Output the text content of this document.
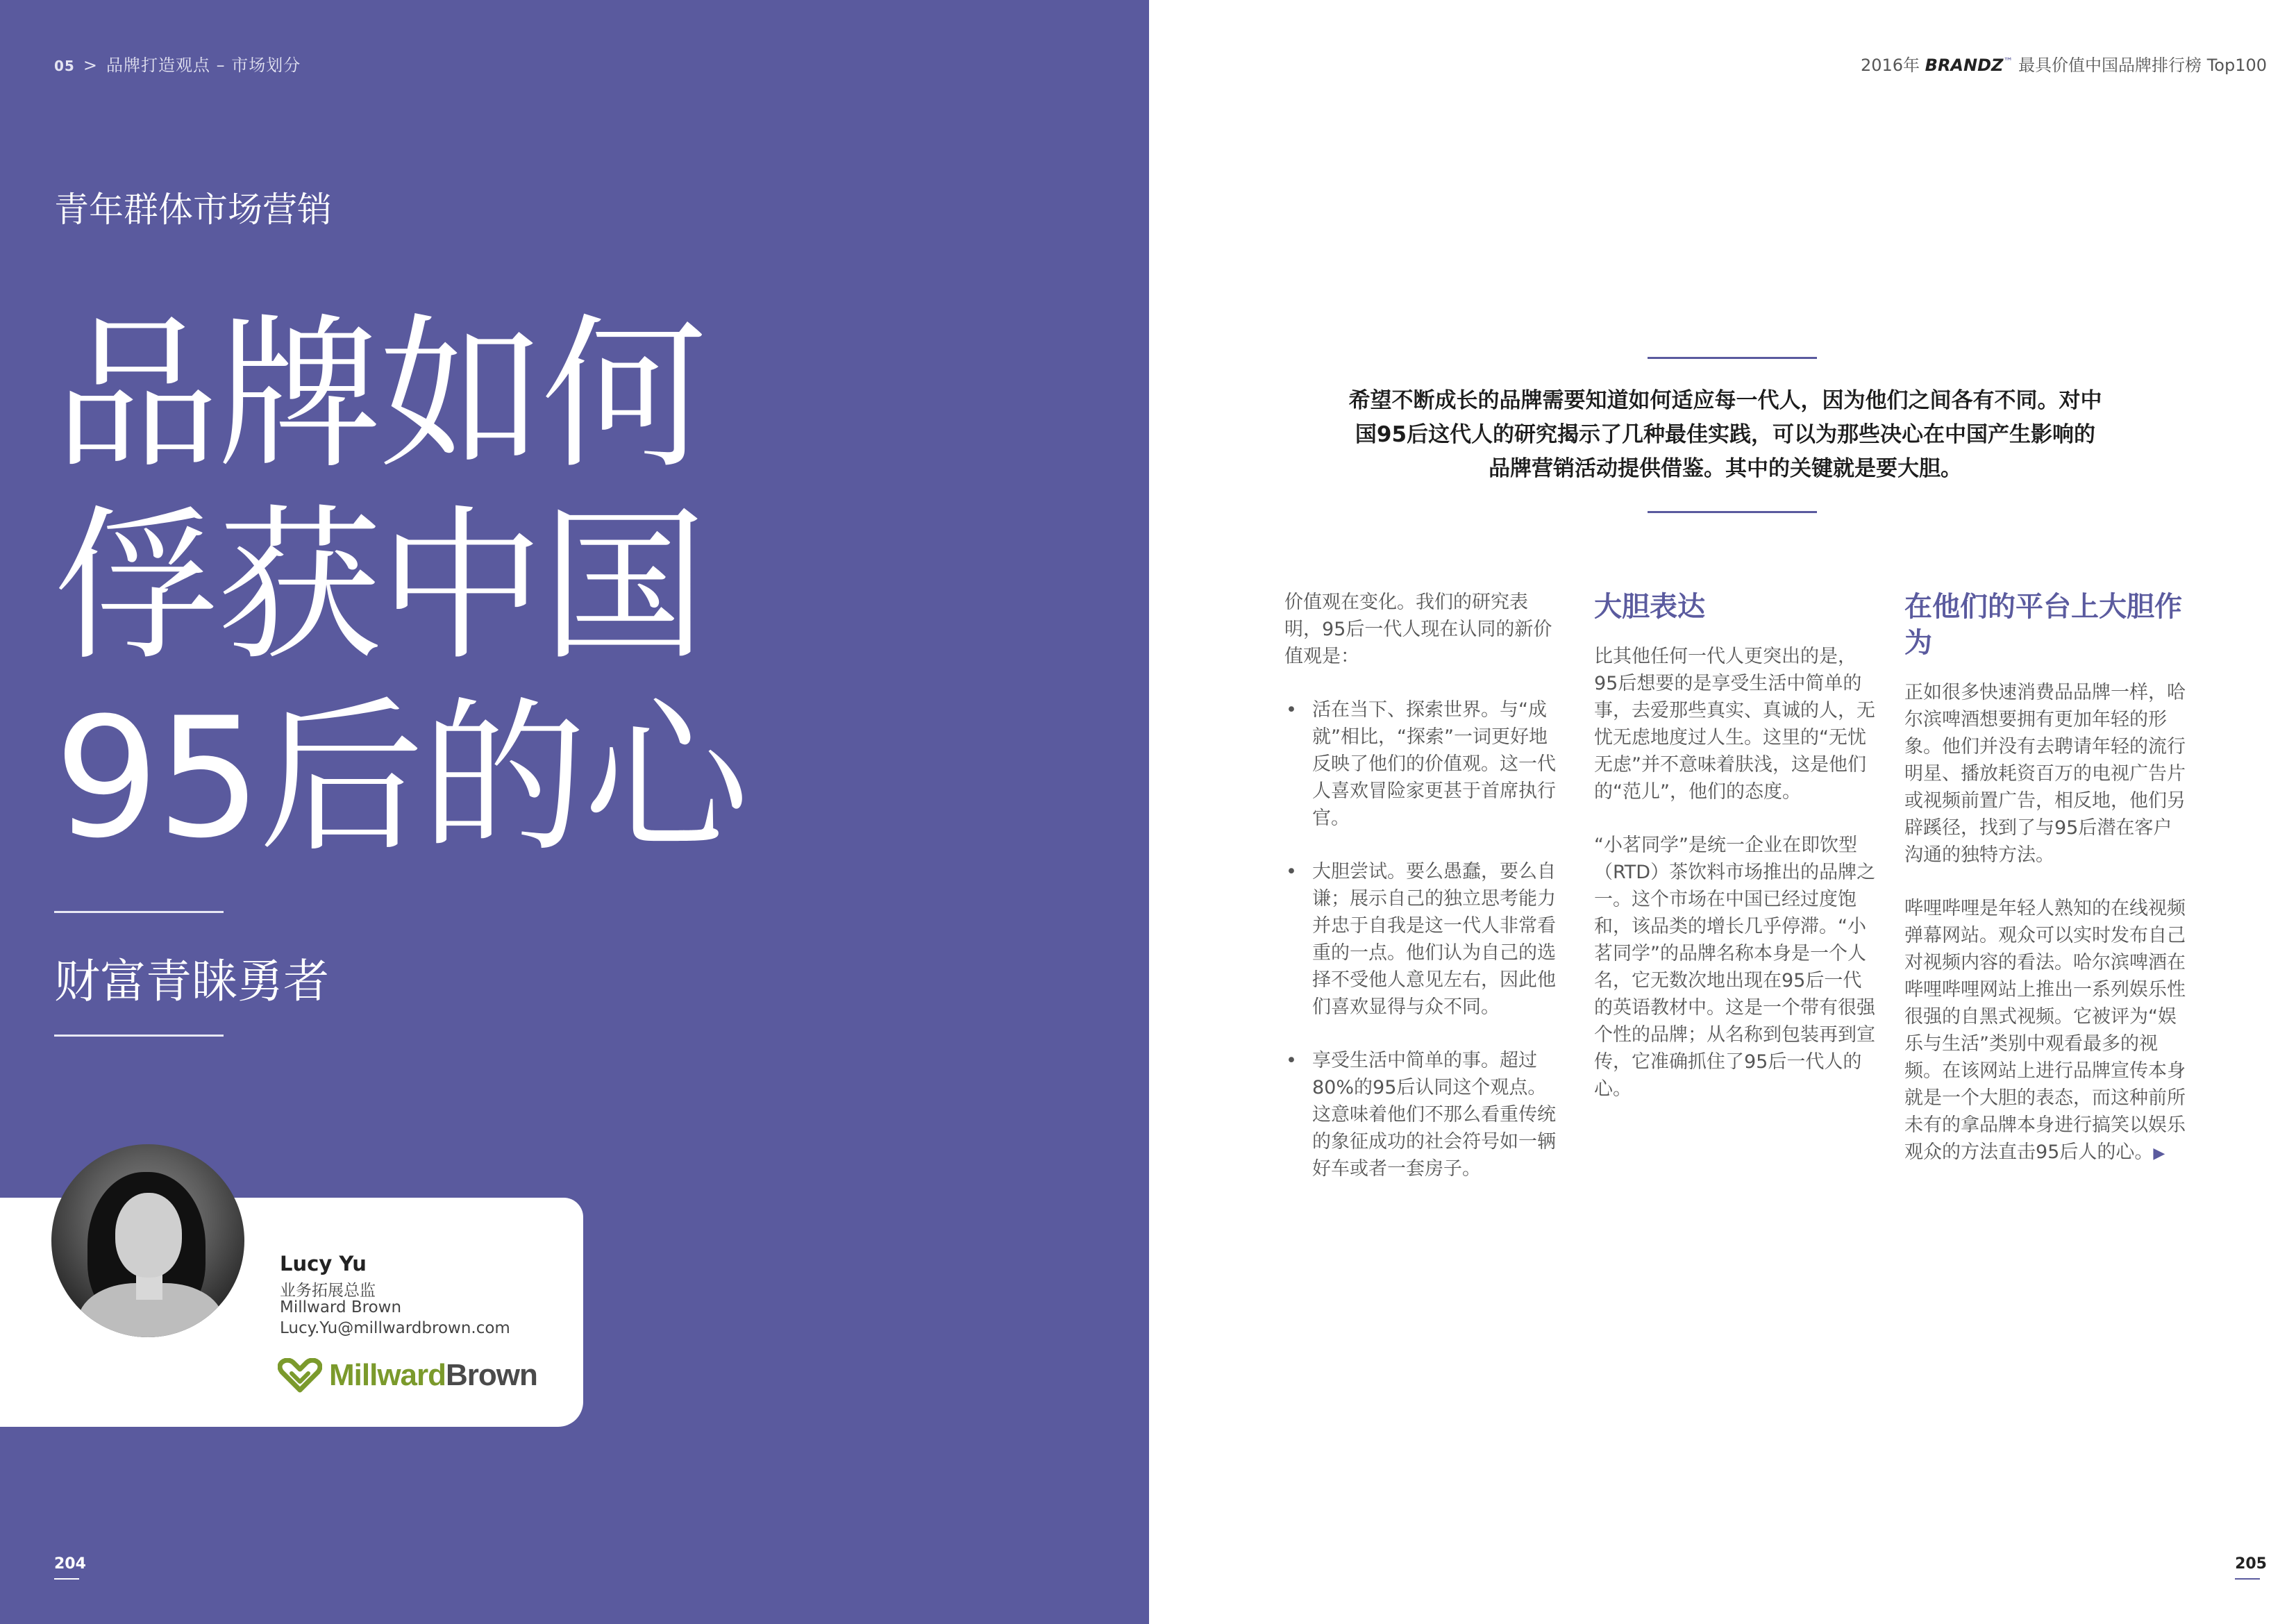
05 > 品牌打造观点 – 市场划分
青年群体市场营销
品牌如何
俘获中国
95后的心
财富青睐勇者
Lucy Yu
业务拓展总监
Millward Brown
Lucy.Yu@millwardbrown.com
MillwardBrown
204
2016年 BRANDZ™ 最具价值中国品牌排行榜 Top100
希望不断成长的品牌需要知道如何适应每一代人，因为他们之间各有不同。对中国95后这代人的研究揭示了几种最佳实践，可以为那些决心在中国产生影响的品牌营销活动提供借鉴。其中的关键就是要大胆。

价值观在变化。我们的研究表明，95后一代人现在认同的新价值观是：

• 活在当下、探索世界。与“成就”相比，“探索”一词更好地反映了他们的价值观。这一代人喜欢冒险家更甚于首席执行官。
• 大胆尝试。要么愚蠢，要么自谦；展示自己的独立思考能力并忠于自我是这一代人非常看重的一点。他们认为自己的选择不受他人意见左右，因此他们喜欢显得与众不同。
• 享受生活中简单的事。超过80%的95后认同这个观点。这意味着他们不那么看重传统的象征成功的社会符号如一辆好车或者一套房子。
大胆表达

比其他任何一代人更突出的是，95后想要的是享受生活中简单的事，去爱那些真实、真诚的人，无忧无虑地度过人生。这里的“无忧无虑”并不意味着肤浅，这是他们的“范儿”，他们的态度。

“小茗同学”是统一企业在即饮型（RTD）茶饮料市场推出的品牌之一。这个市场在中国已经过度饱和，该品类的增长几乎停滞。“小茗同学”的品牌名称本身是一个人名，它无数次地出现在95后一代的英语教材中。这是一个带有很强个性的品牌；从名称到包装再到宣传，它准确抓住了95后一代人的心。

在他们的平台上大胆作为

正如很多快速消费品品牌一样，哈尔滨啤酒想要拥有更加年轻的形象。他们并没有去聘请年轻的流行明星、播放耗资百万的电视广告片或视频前置广告，相反地，他们另辟蹊径，找到了与95后潜在客户沟通的独特方法。

哔哩哔哩是年轻人熟知的在线视频弹幕网站。观众可以实时发布自己对视频内容的看法。哈尔滨啤酒在哔哩哔哩网站上推出一系列娱乐性很强的自黑式视频。它被评为“娱乐与生活”类别中观看最多的视频。在该网站上进行品牌宣传本身就是一个大胆的表态，而这种前所未有的拿品牌本身进行搞笑以娱乐观众的方法直击95后人的心。▶

205
